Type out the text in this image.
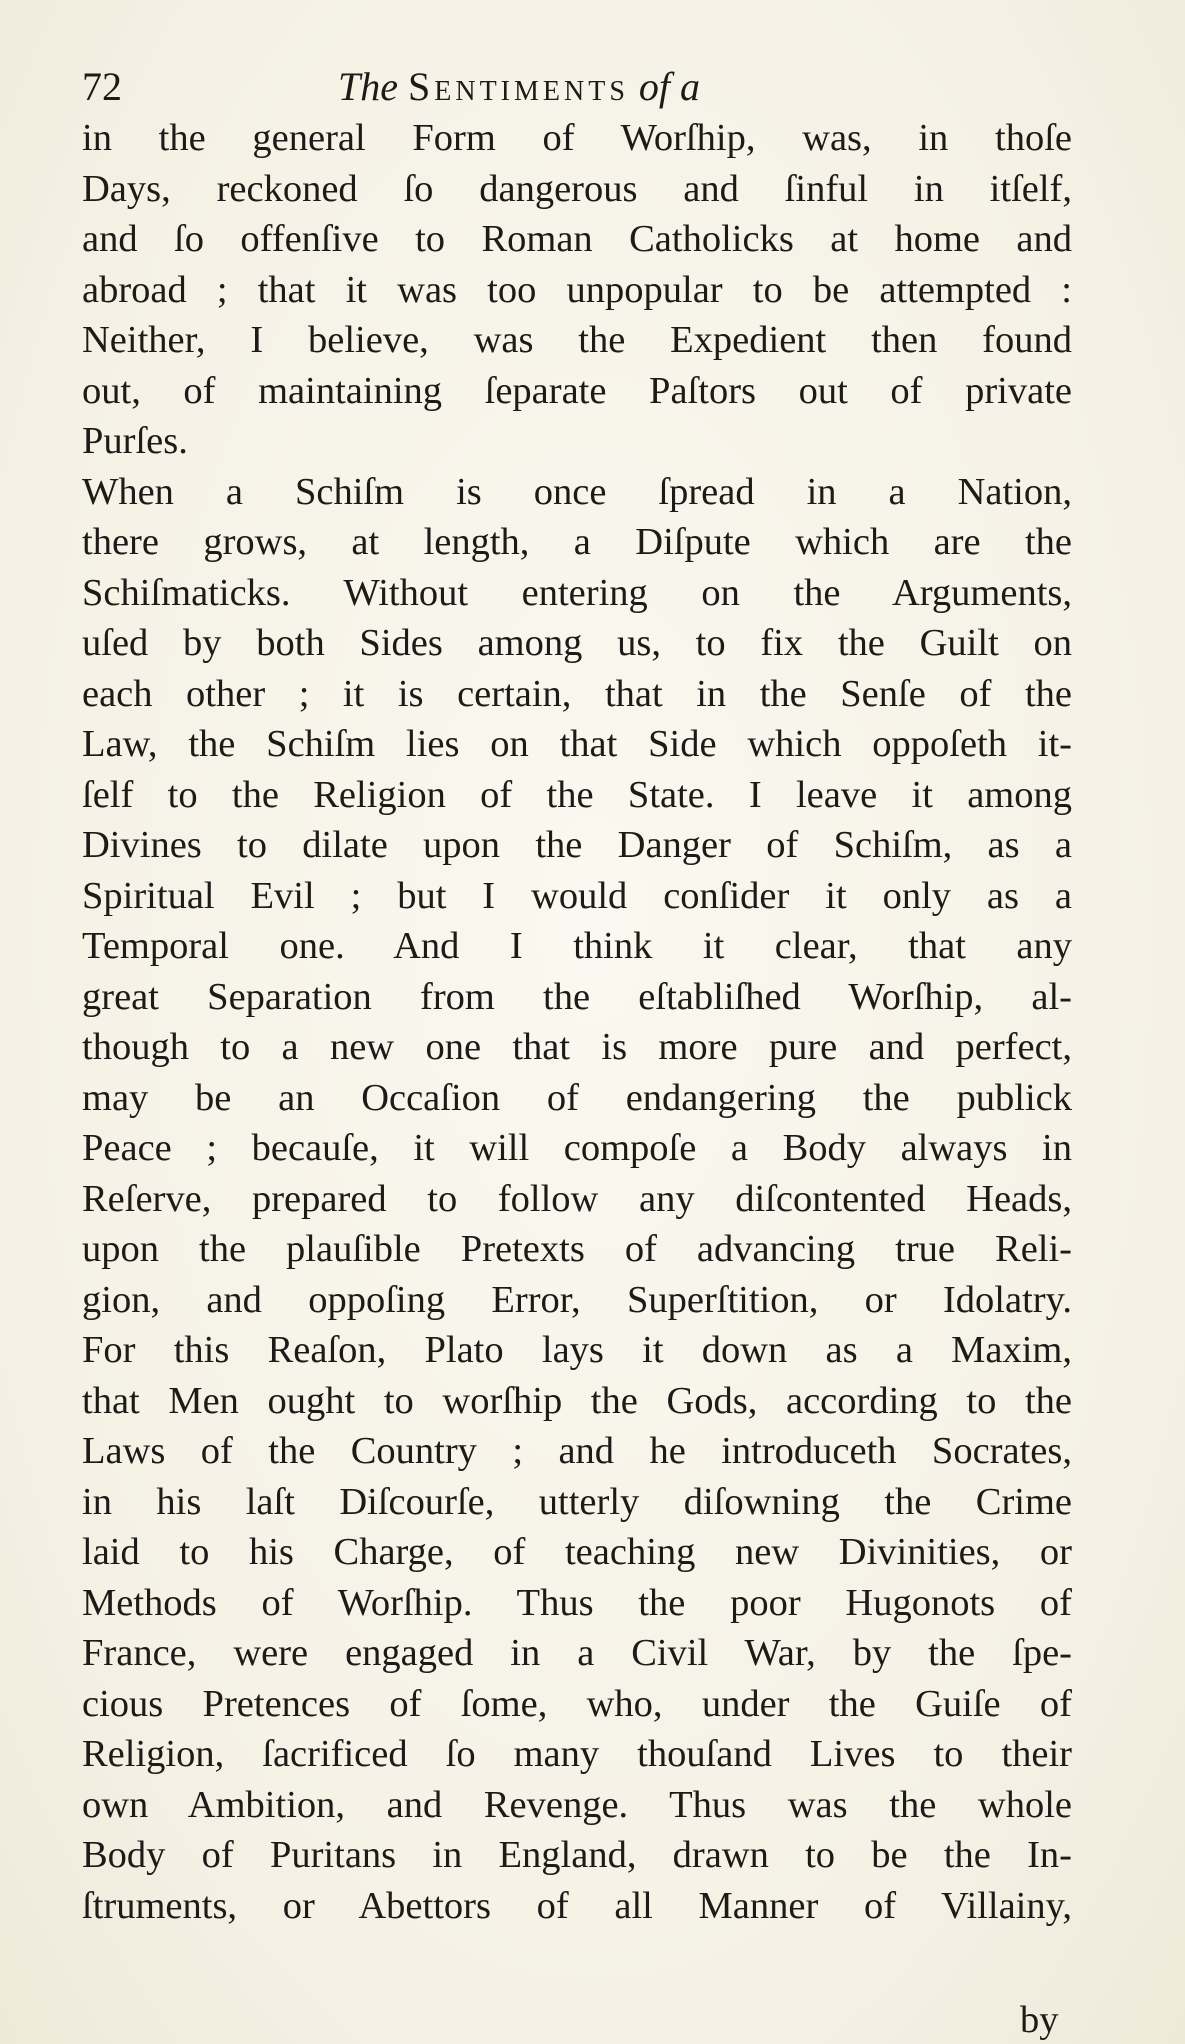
72	The Sentiments of a
in the general Form of Worſhip, was, in thoſe
Days, reckoned ſo dangerous and ſinful in itſelf,
and ſo offenſive to Roman Catholicks at home and
abroad ; that it was too unpopular to be attempted :
Neither, I believe, was the Expedient then found
out, of maintaining ſeparate Paſtors out of private
Purſes.
When a Schiſm is once ſpread in a Nation,
there grows, at length, a Diſpute which are the
Schiſmaticks. Without entering on the Arguments,
uſed by both Sides among us, to fix the Guilt on
each other ; it is certain, that in the Senſe of the
Law, the Schiſm lies on that Side which oppoſeth it-
ſelf to the Religion of the State. I leave it among
Divines to dilate upon the Danger of Schiſm, as a
Spiritual Evil ; but I would conſider it only as a
Temporal one. And I think it clear, that any
great Separation from the eſtabliſhed Worſhip, al-
though to a new one that is more pure and perfect,
may be an Occaſion of endangering the publick
Peace ; becauſe, it will compoſe a Body always in
Reſerve, prepared to follow any diſcontented Heads,
upon the plauſible Pretexts of advancing true Reli-
gion, and oppoſing Error, Superſtition, or Idolatry.
For this Reaſon, Plato lays it down as a Maxim,
that Men ought to worſhip the Gods, according to the
Laws of the Country ; and he introduceth Socrates,
in his laſt Diſcourſe, utterly diſowning the Crime
laid to his Charge, of teaching new Divinities, or
Methods of Worſhip. Thus the poor Hugonots of
France, were engaged in a Civil War, by the ſpe-
cious Pretences of ſome, who, under the Guiſe of
Religion, ſacrificed ſo many thouſand Lives to their
own Ambition, and Revenge. Thus was the whole
Body of Puritans in England, drawn to be the In-
ſtruments, or Abettors of all Manner of Villainy,
by
